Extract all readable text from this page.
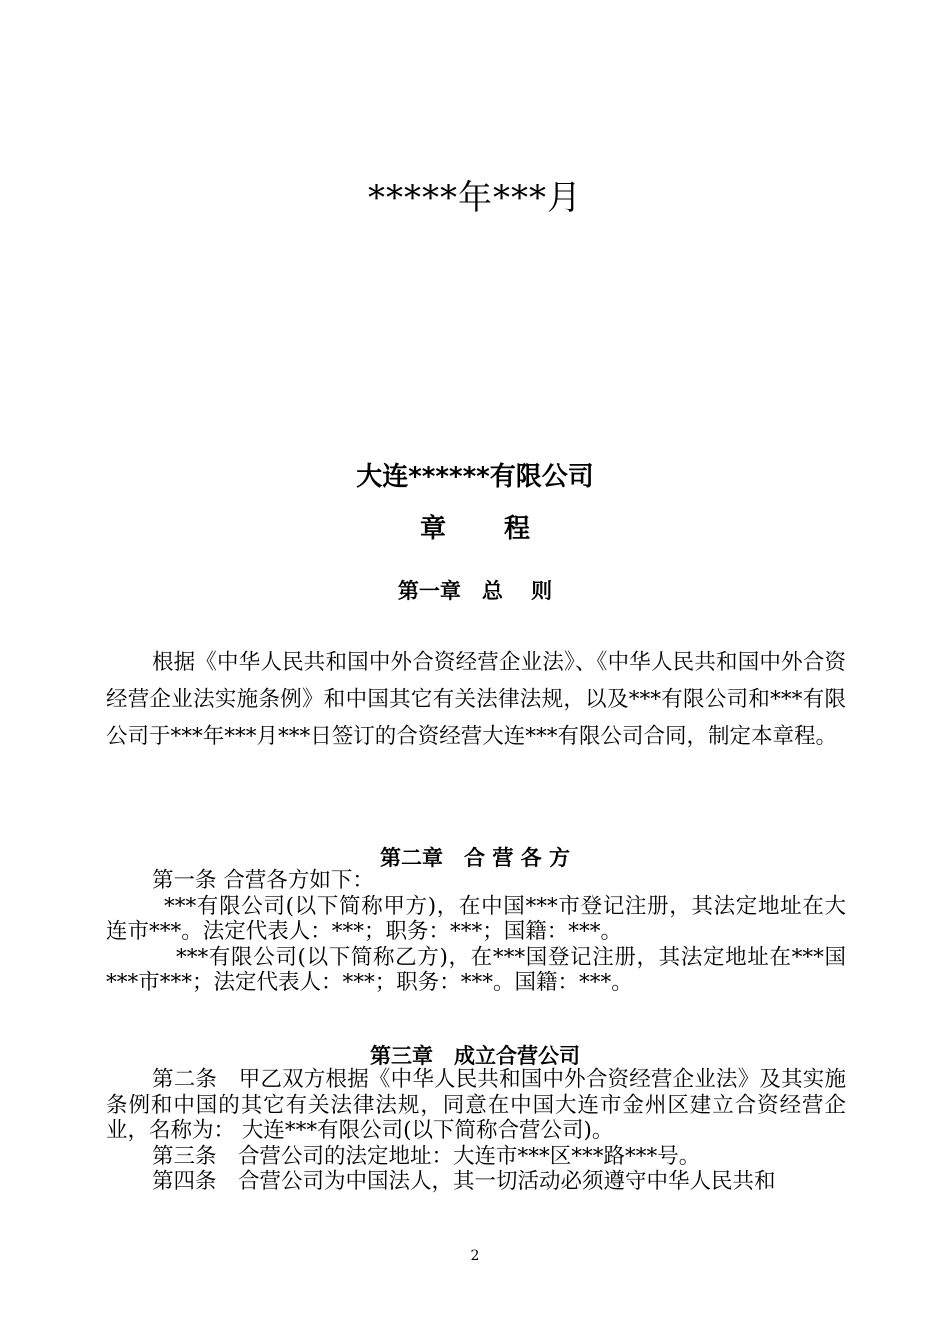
*****年***月
大连******有限公司
章程
第一章　总　 则
根据《中华人民共和国中外合资经营企业法》、《中华人民共和国中外合资经营企业法实施条例》和中国其它有关法律法规，以及***有限公司和***有限公司于***年***月***日签订的合资经营大连***有限公司合同，制定本章程。
第二章　合 营 各 方
第一条 合营各方如下：
***有限公司(以下简称甲方)，在中国***市登记注册，其法定地址在大连市***。法定代表人：***；职务：***；国籍：***。
***有限公司(以下简称乙方)，在***国登记注册，其法定地址在***国***市***；法定代表人：***；职务：***。国籍：***。
第三章　成立合营公司
第二条　甲乙双方根据《中华人民共和国中外合资经营企业法》及其实施条例和中国的其它有关法律法规，同意在中国大连市金州区建立合资经营企业，名称为： 大连***有限公司(以下简称合营公司)。
第三条　合营公司的法定地址：大连市***区***路***号。
第四条　合营公司为中国法人，其一切活动必须遵守中华人民共和
2
